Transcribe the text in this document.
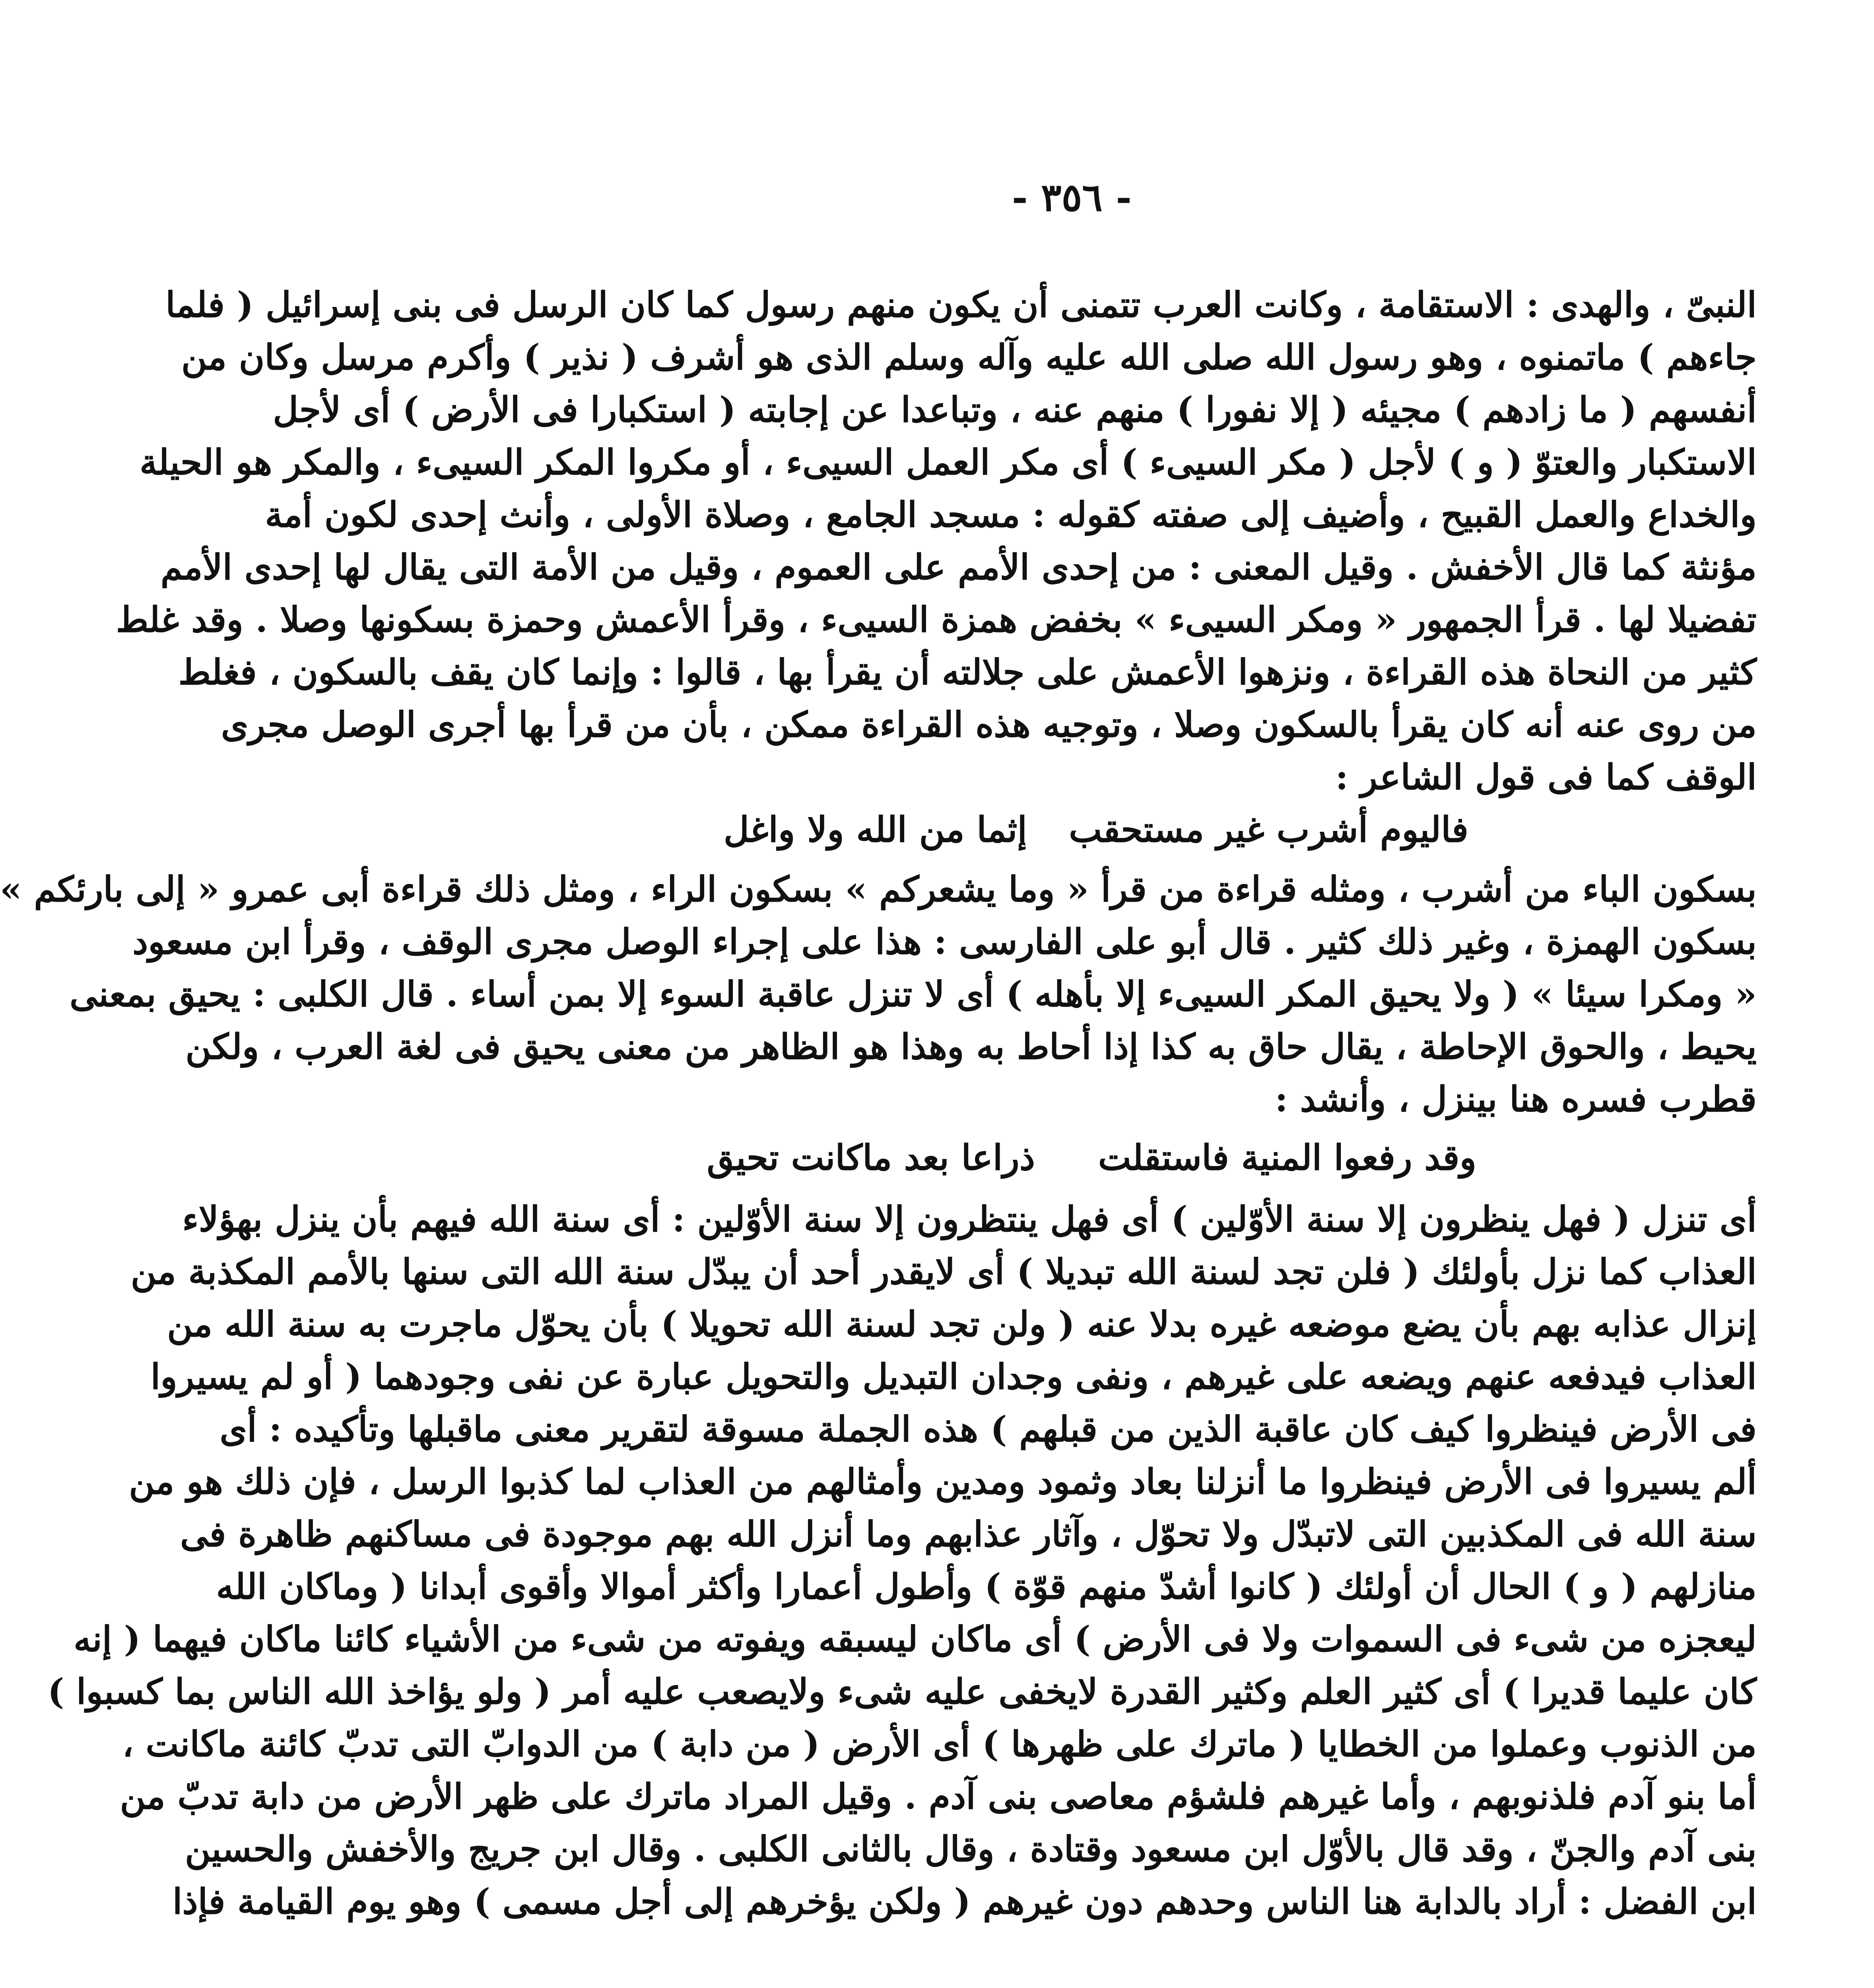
- ٣٥٦ -
النبىّ ، والهدى : الاستقامة ، وكانت العرب تتمنى أن يكون منهم رسول كما كان الرسل فى بنى إسرائيل ( فلما
جاءهم ) ماتمنوه ، وهو رسول الله صلى الله عليه وآله وسلم الذى هو أشرف ( نذير ) وأكرم مرسل وكان من
أنفسهم ( ما زادهم ) مجيئه ( إلا نفورا ) منهم عنه ، وتباعدا عن إجابته ( استكبارا فى الأرض ) أى لأجل
الاستكبار والعتوّ ( و ) لأجل ( مكر السيىء ) أى مكر العمل السيىء ، أو مكروا المكر السيىء ، والمكر هو الحيلة
والخداع والعمل القبيح ، وأضيف إلى صفته كقوله : مسجد الجامع ، وصلاة الأولى ، وأنث إحدى لكون أمة
مؤنثة كما قال الأخفش . وقيل المعنى : من إحدى الأمم على العموم ، وقيل من الأمة التى يقال لها إحدى الأمم
تفضيلا لها . قرأ الجمهور « ومكر السيىء » بخفض همزة السيىء ، وقرأ الأعمش وحمزة بسكونها وصلا . وقد غلط
كثير من النحاة هذه القراءة ، ونزهوا الأعمش على جلالته أن يقرأ بها ، قالوا : وإنما كان يقف بالسكون ، فغلط
من روى عنه أنه كان يقرأ بالسكون وصلا ، وتوجيه هذه القراءة ممكن ، بأن من قرأ بها أجرى الوصل مجرى
الوقف كما فى قول الشاعر :
فاليوم أشرب غير مستحقب
إثما من الله ولا واغل
بسكون الباء من أشرب ، ومثله قراءة من قرأ « وما يشعركم » بسكون الراء ، ومثل ذلك قراءة أبى عمرو « إلى بارئكم »
بسكون الهمزة ، وغير ذلك كثير . قال أبو على الفارسى : هذا على إجراء الوصل مجرى الوقف ، وقرأ ابن مسعود
« ومكرا سيئا » ( ولا يحيق المكر السيىء إلا بأهله ) أى لا تنزل عاقبة السوء إلا بمن أساء . قال الكلبى : يحيق بمعنى
يحيط ، والحوق الإحاطة ، يقال حاق به كذا إذا أحاط به وهذا هو الظاهر من معنى يحيق فى لغة العرب ، ولكن
قطرب فسره هنا بينزل ، وأنشد :
وقد رفعوا المنية فاستقلت
ذراعا بعد ماكانت تحيق
أى تنزل ( فهل ينظرون إلا سنة الأوّلين ) أى فهل ينتظرون إلا سنة الأوّلين : أى سنة الله فيهم بأن ينزل بهؤلاء
العذاب كما نزل بأولئك ( فلن تجد لسنة الله تبديلا ) أى لايقدر أحد أن يبدّل سنة الله التى سنها بالأمم المكذبة من
إنزال عذابه بهم بأن يضع موضعه غيره بدلا عنه ( ولن تجد لسنة الله تحويلا ) بأن يحوّل ماجرت به سنة الله من
العذاب فيدفعه عنهم ويضعه على غيرهم ، ونفى وجدان التبديل والتحويل عبارة عن نفى وجودهما ( أو لم يسيروا
فى الأرض فينظروا كيف كان عاقبة الذين من قبلهم ) هذه الجملة مسوقة لتقرير معنى ماقبلها وتأكيده : أى
ألم يسيروا فى الأرض فينظروا ما أنزلنا بعاد وثمود ومدين وأمثالهم من العذاب لما كذبوا الرسل ، فإن ذلك هو من
سنة الله فى المكذبين التى لاتبدّل ولا تحوّل ، وآثار عذابهم وما أنزل الله بهم موجودة فى مساكنهم ظاهرة فى
منازلهم ( و ) الحال أن أولئك ( كانوا أشدّ منهم قوّة ) وأطول أعمارا وأكثر أموالا وأقوى أبدانا ( وماكان الله
ليعجزه من شىء فى السموات ولا فى الأرض ) أى ماكان ليسبقه ويفوته من شىء من الأشياء كائنا ماكان فيهما ( إنه
كان عليما قديرا ) أى كثير العلم وكثير القدرة لايخفى عليه شىء ولايصعب عليه أمر ( ولو يؤاخذ الله الناس بما كسبوا )
من الذنوب وعملوا من الخطايا ( ماترك على ظهرها ) أى الأرض ( من دابة ) من الدوابّ التى تدبّ كائنة ماكانت ،
أما بنو آدم فلذنوبهم ، وأما غيرهم فلشؤم معاصى بنى آدم . وقيل المراد ماترك على ظهر الأرض من دابة تدبّ من
بنى آدم والجنّ ، وقد قال بالأوّل ابن مسعود وقتادة ، وقال بالثانى الكلبى . وقال ابن جريج والأخفش والحسين
ابن الفضل : أراد بالدابة هنا الناس وحدهم دون غيرهم ( ولكن يؤخرهم إلى أجل مسمى ) وهو يوم القيامة فإذا
